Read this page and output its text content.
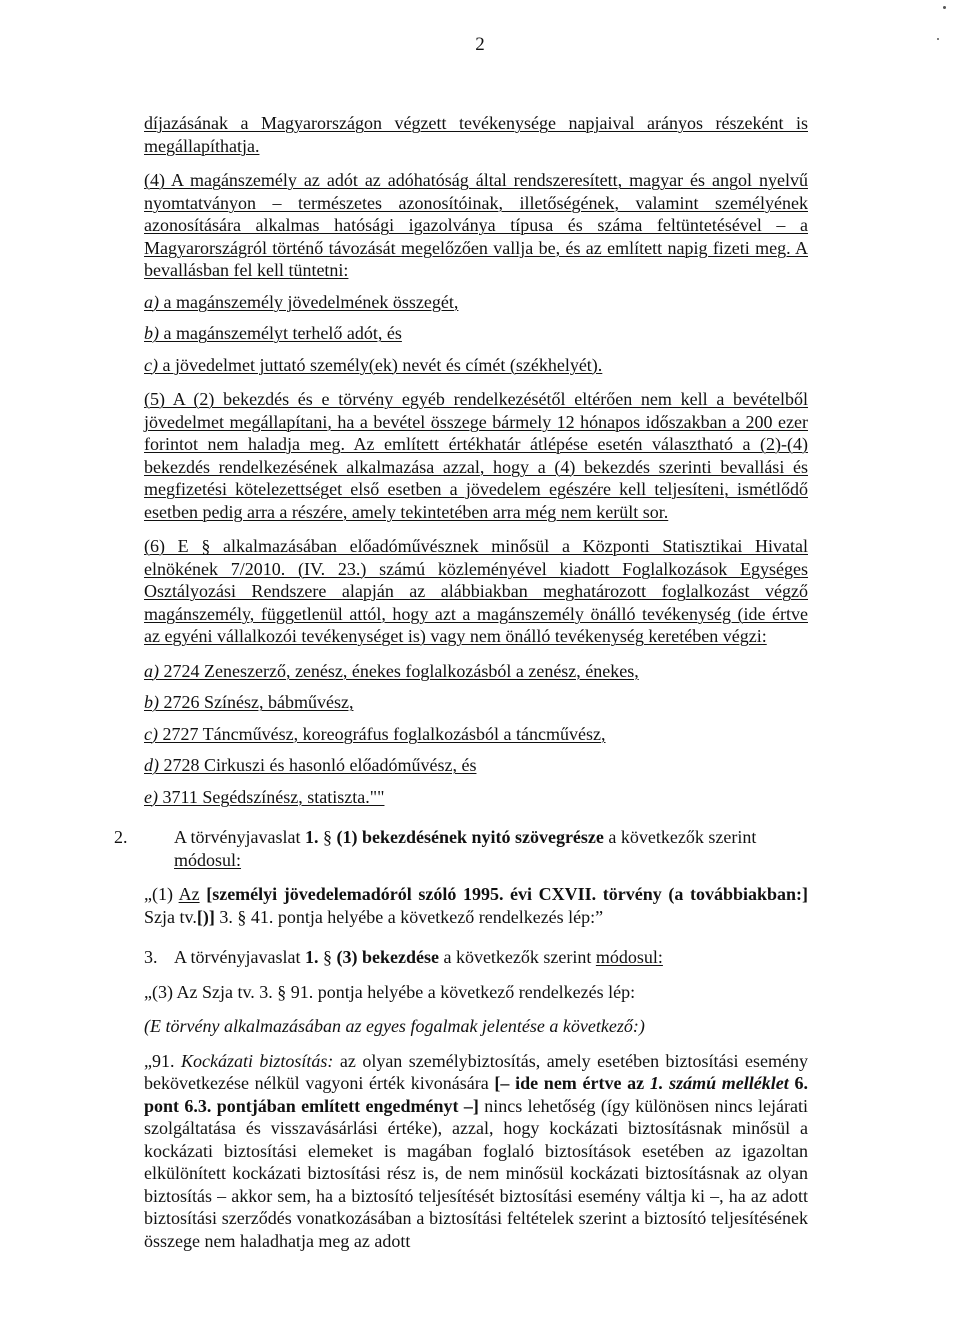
2

díjazásának a Magyarországon végzett tevékenysége napjaival arányos részeként is megállapíthatja.

(4) A magánszemély az adót az adóhatóság által rendszeresített, magyar és angol nyelvű nyomtatványon – természetes azonosítóinak, illetőségének, valamint személyének azonosítására alkalmas hatósági igazolványa típusa és száma feltüntetésével – a Magyarországról történő távozását megelőzően vallja be, és az említett napig fizeti meg. A bevallásban fel kell tüntetni:

a) a magánszemély jövedelmének összegét,

b) a magánszemélyt terhelő adót, és

c) a jövedelmet juttató személy(ek) nevét és címét (székhelyét).

(5) A (2) bekezdés és e törvény egyéb rendelkezésétől eltérően nem kell a bevételből jövedelmet megállapítani, ha a bevétel összege bármely 12 hónapos időszakban a 200 ezer forintot nem haladja meg. Az említett értékhatár átlépése esetén választható a (2)-(4) bekezdés rendelkezésének alkalmazása azzal, hogy a (4) bekezdés szerinti bevallási és megfizetési kötelezettséget első esetben a jövedelem egészére kell teljesíteni, ismétlődő esetben pedig arra a részére, amely tekintetében arra még nem került sor.

(6) E § alkalmazásában előadóművésznek minősül a Központi Statisztikai Hivatal elnökének 7/2010. (IV. 23.) számú közleményével kiadott Foglalkozások Egységes Osztályozási Rendszere alapján az alábbiakban meghatározott foglalkozást végző magánszemély, függetlenül attól, hogy azt a magánszemély önálló tevékenység (ide értve az egyéni vállalkozói tevékenységet is) vagy nem önálló tevékenység keretében végzi:

a) 2724 Zeneszerző, zenész, énekes foglalkozásból a zenész, énekes,

b) 2726 Színész, bábművész,

c) 2727 Táncművész, koreográfus foglalkozásból a táncművész,

d) 2728 Cirkuszi és hasonló előadóművész, és

e) 3711 Segédszínész, statiszta.""

2.	A törvényjavaslat 1. § (1) bekezdésének nyitó szövegrésze a következők szerint
módosul:

„(1) Az [személyi jövedelemadóról szóló 1995. évi CXVII. törvény (a továbbiakban:] Szja tv.[)] 3. § 41. pontja helyébe a következő rendelkezés lép:”

3. A törvényjavaslat 1. § (3) bekezdése a következők szerint módosul:

„(3) Az Szja tv. 3. § 91. pontja helyébe a következő rendelkezés lép:

(E törvény alkalmazásában az egyes fogalmak jelentése a következő:)

„91. Kockázati biztosítás: az olyan személybiztosítás, amely esetében biztosítási esemény bekövetkezése nélkül vagyoni érték kivonására [– ide nem értve az 1. számú melléklet 6. pont 6.3. pontjában említett engedményt –] nincs lehetőség (így különösen nincs lejárati szolgáltatása és visszavásárlási értéke), azzal, hogy kockázati biztosításnak minősül a kockázati biztosítási elemeket is magában foglaló biztosítások esetében az igazoltan elkülönített kockázati biztosítási rész is, de nem minősül kockázati biztosításnak az olyan biztosítás – akkor sem, ha a biztosító teljesítését biztosítási esemény váltja ki –, ha az adott biztosítási szerződés vonatkozásában a biztosítási feltételek szerint a biztosító teljesítésének összege nem haladhatja meg az adott
